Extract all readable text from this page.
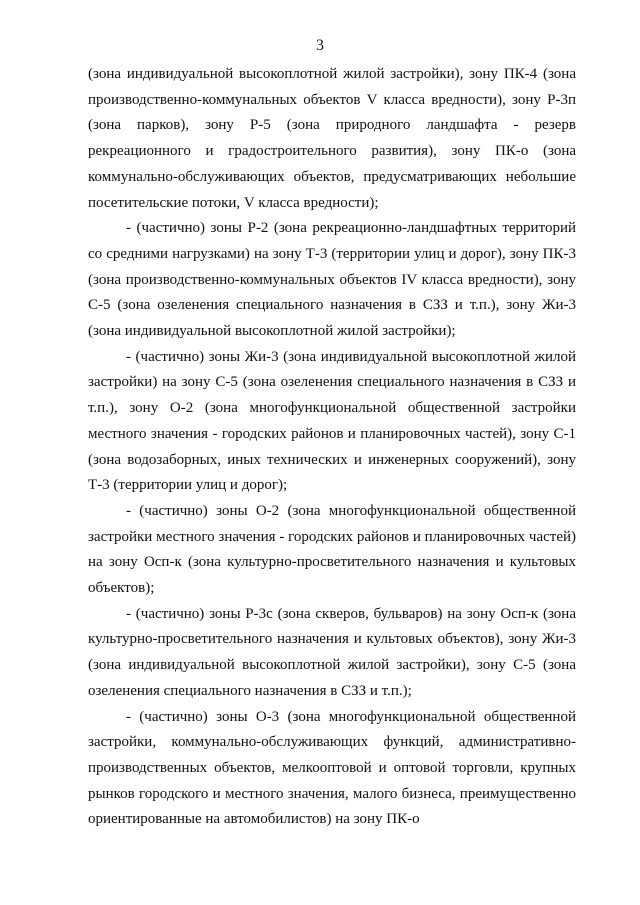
3

(зона индивидуальной высокоплотной жилой застройки), зону ПК-4 (зона производственно-коммунальных объектов V класса вредности), зону Р-3п (зона парков), зону Р-5 (зона природного ландшафта - резерв рекреационного и градостроительного развития), зону ПК-о (зона коммунально-обслуживающих объектов, предусматривающих небольшие посетительские потоки, V класса вредности);

- (частично) зоны Р-2 (зона рекреационно-ландшафтных территорий со средними нагрузками) на зону Т-3 (территории улиц и дорог), зону ПК-3 (зона производственно-коммунальных объектов IV класса вредности), зону С-5 (зона озеленения специального назначения в СЗЗ и т.п.), зону Жи-3 (зона индивидуальной высокоплотной жилой застройки);

- (частично) зоны Жи-3 (зона индивидуальной высокоплотной жилой застройки) на зону С-5 (зона озеленения специального назначения в СЗЗ и т.п.), зону О-2 (зона многофункциональной общественной застройки местного значения - городских районов и планировочных частей), зону С-1 (зона водозаборных, иных технических и инженерных сооружений), зону Т-3 (территории улиц и дорог);

- (частично) зоны О-2 (зона многофункциональной общественной застройки местного значения - городских районов и планировочных частей) на зону Осп-к (зона культурно-просветительного назначения и культовых объектов);

- (частично) зоны Р-3с (зона скверов, бульваров) на зону Осп-к (зона культурно-просветительного назначения и культовых объектов), зону Жи-3 (зона индивидуальной высокоплотной жилой застройки), зону С-5 (зона озеленения специального назначения в СЗЗ и т.п.);

- (частично) зоны О-3 (зона многофункциональной общественной застройки, коммунально-обслуживающих функций, административно-производственных объектов, мелкооптовой и оптовой торговли, крупных рынков городского и местного значения, малого бизнеса, преимущественно ориентированные на автомобилистов) на зону ПК-о
